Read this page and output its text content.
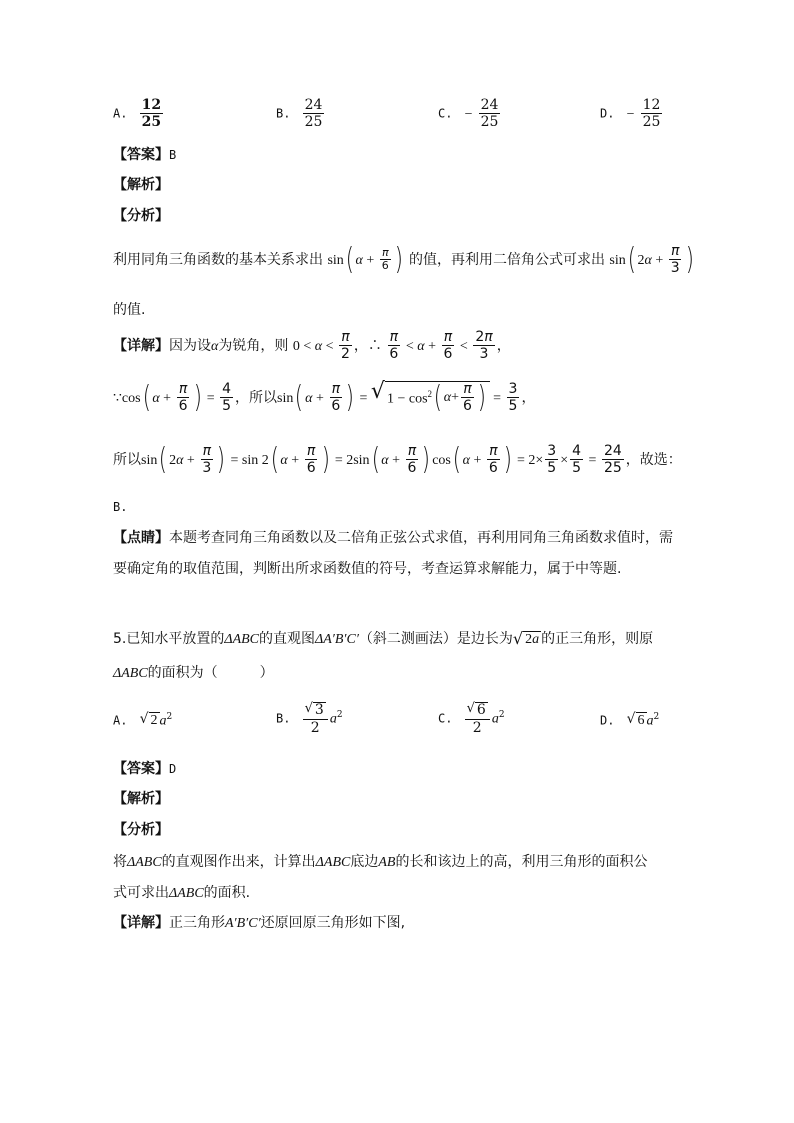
A. $\frac{12}{25}$	B. $\frac{24}{25}$	C. − $\frac{24}{25}$	D. − $\frac{12}{25}$
【答案】B
【解析】
【分析】
利用同角三角函数的基本关系求出 sin( $\alpha + \frac{\pi}{6}$ ) 的值，再利用二倍角公式可求出 sin( $2\alpha + \frac{\pi}{3}$ )
的值.
【详解】因为设α为锐角，则 $0 < \alpha < \frac{\pi}{2}$ ，∴ $\frac{\pi}{6} < \alpha + \frac{\pi}{6} < \frac{2\pi}{3}$ ，
∵cos( $\alpha + \frac{\pi}{6}$ ) = $\frac{4}{5}$ ，所以sin( $\alpha + \frac{\pi}{6}$ ) = √ $1 - \cos^2$ ( $\alpha + \frac{\pi}{6}$ ) = $\frac{3}{5}$ ，
所以sin( $2\alpha + \frac{\pi}{3}$ ) = sin 2( $\alpha + \frac{\pi}{6}$ ) = 2sin( $\alpha + \frac{\pi}{6}$ ) cos( $\alpha + \frac{\pi}{6}$ ) = $2\times \frac{3}{5} \times \frac{4}{5} = \frac{24}{25}$ ，故选：
B.
【点睛】本题考查同角三角函数以及二倍角正弦公式求值，再利用同角三角函数求值时，需
要确定角的取值范围，判断出所求函数值的符号，考查运算求解能力，属于中等题.
5.已知水平放置的ΔABC的直观图ΔA′B′C′（斜二测画法）是边长为 √ 2 a 的正三角形，则原
ΔABC的面积为（　　　）
A. √ 2 $a^2$	B. $\frac{√ 3}{2} a^2$	C. $\frac{√ 6}{2} a^2$	D. √ 6 $a^2$
【答案】D
【解析】
【分析】
将ΔABC的直观图作出来，计算出ΔABC底边AB的长和该边上的高，利用三角形的面积公
式可求出ΔABC的面积.
【详解】正三角形A′B′C′还原回原三角形如下图,
